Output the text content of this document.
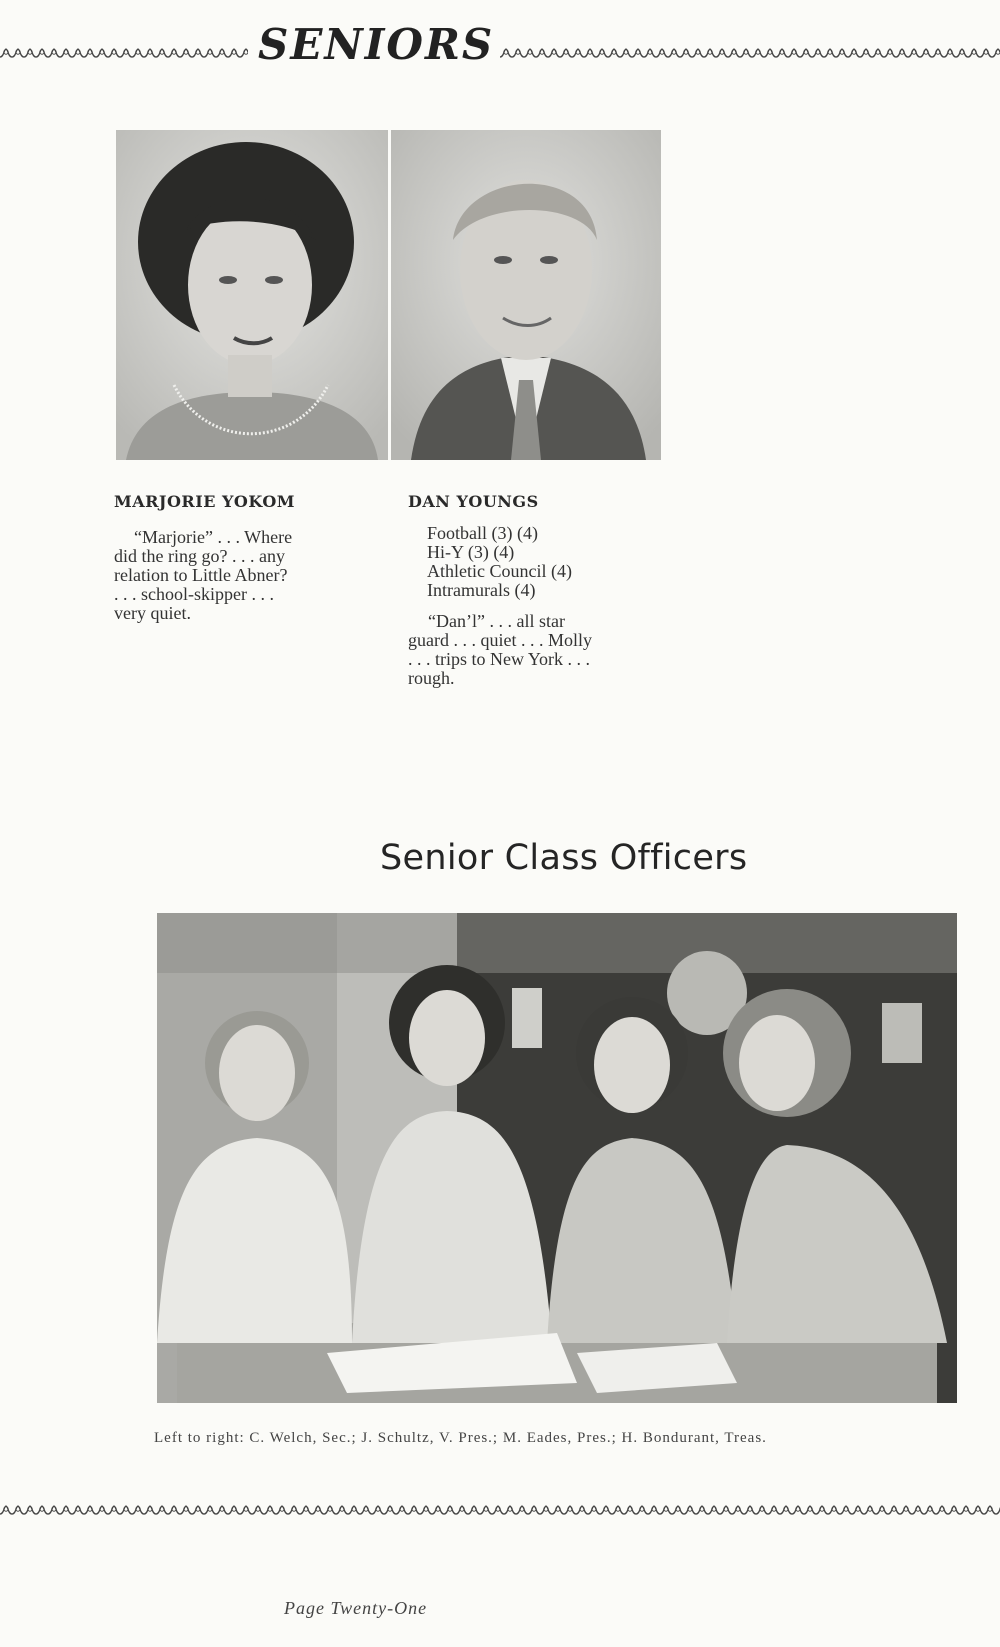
SENIORS
MARJORIE YOKOM
“Marjorie” . . . Where
did the ring go? . . . any
relation to Little Abner?
. . . school-skipper . . .
very quiet.
DAN YOUNGS
Football (3) (4)
Hi-Y (3) (4)
Athletic Council (4)
Intramurals (4)
“Dan’l” . . . all star
guard . . . quiet . . . Molly
. . . trips to New York . . .
rough.
Senior Class Officers
Left to right: C. Welch, Sec.; J. Schultz, V. Pres.; M. Eades, Pres.; H. Bondurant, Treas.
Page Twenty-One
